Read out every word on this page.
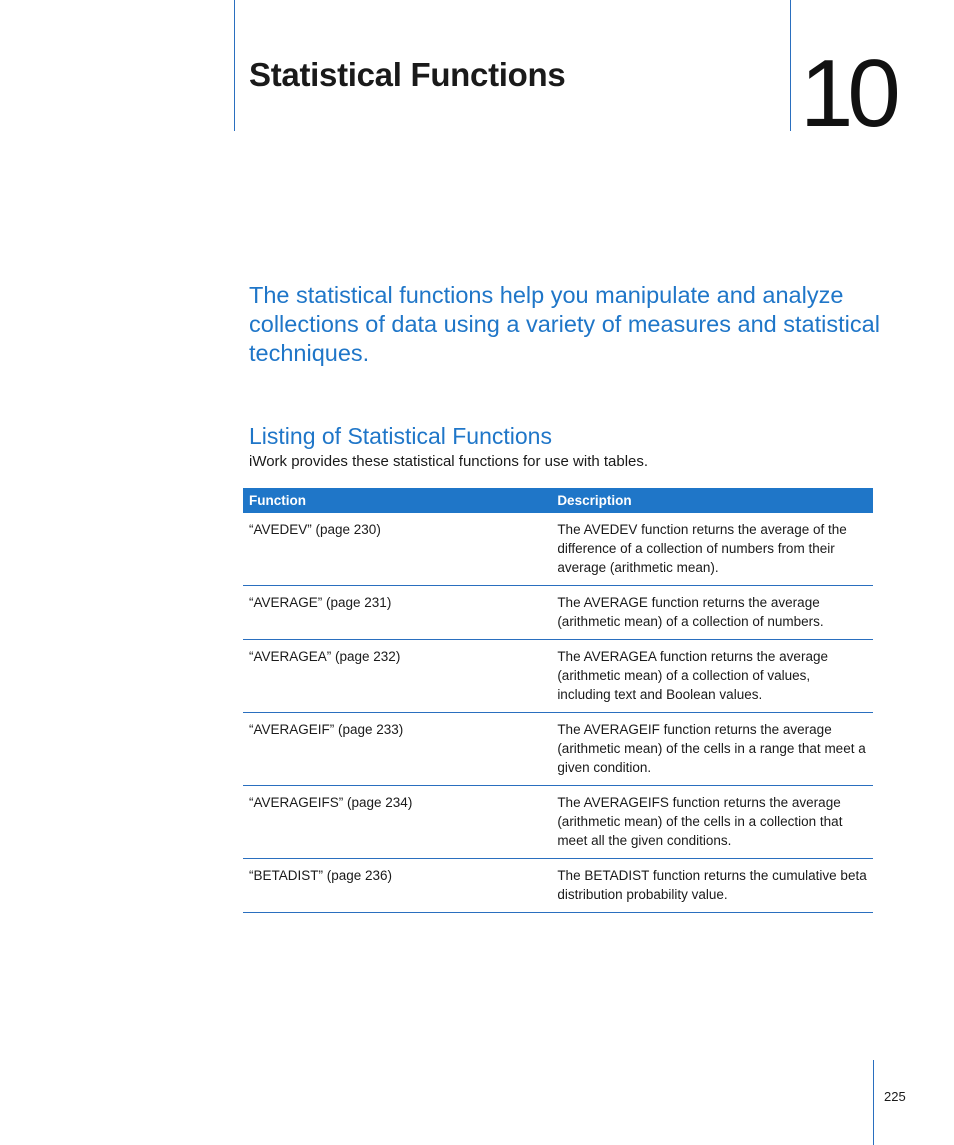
Statistical Functions 10

The statistical functions help you manipulate and analyze collections of data using a variety of measures and statistical techniques.

Listing of Statistical Functions

iWork provides these statistical functions for use with tables.

Function	Description
“AVEDEV” (page 230)	The AVEDEV function returns the average of the difference of a collection of numbers from their average (arithmetic mean).
“AVERAGE” (page 231)	The AVERAGE function returns the average (arithmetic mean) of a collection of numbers.
“AVERAGEA” (page 232)	The AVERAGEA function returns the average (arithmetic mean) of a collection of values, including text and Boolean values.
“AVERAGEIF” (page 233)	The AVERAGEIF function returns the average (arithmetic mean) of the cells in a range that meet a given condition.
“AVERAGEIFS” (page 234)	The AVERAGEIFS function returns the average (arithmetic mean) of the cells in a collection that meet all the given conditions.
“BETADIST” (page 236)	The BETADIST function returns the cumulative beta distribution probability value.
225
